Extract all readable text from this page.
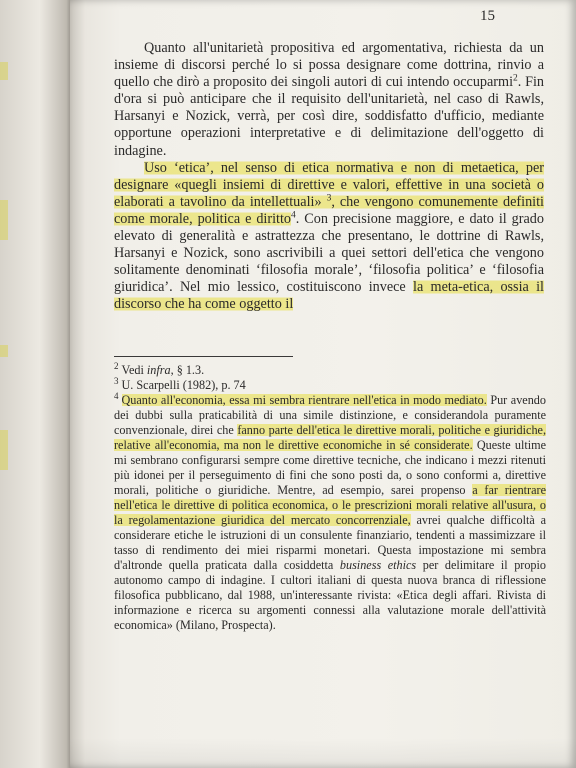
15

Quanto all'unitarietà propositiva ed argomentativa, richiesta da un insieme di discorsi perché lo si possa designare come dottrina, rinvio a quello che dirò a proposito dei singoli autori di cui intendo occuparmi$^2$. Fin d'ora si può anticipare che il requisito dell'unitarietà, nel caso di Rawls, Harsanyi e Nozick, verrà, per così dire, soddisfatto d'ufficio, mediante opportune operazioni interpretative e di delimitazione dell'oggetto di indagine.

Uso ‘etica’, nel senso di etica normativa e non di metaetica, per designare «quegli insiemi di direttive e valori, effettive in una società o elaborati a tavolino da intellettuali» $^3$, che vengono comunemente definiti come morale, politica e diritto$^4$. Con precisione maggiore, e dato il grado elevato di generalità e astrattezza che presentano, le dottrine di Rawls, Harsanyi e Nozick, sono ascrivibili a quei settori dell'etica che vengono solitamente denominati ‘filosofia morale’, ‘filosofia politica’ e ‘filosofia giuridica’. Nel mio lessico, costituiscono invece la meta-etica, ossia il discorso che ha come oggetto il

$^2$ Vedi infra, § 1.3.

$^3$ U. Scarpelli (1982), p. 74

$^4$ Quanto all'economia, essa mi sembra rientrare nell'etica in modo mediato. Pur avendo dei dubbi sulla praticabilità di una simile distinzione, e considerandola puramente convenzionale, direi che fanno parte dell'etica le direttive morali, politiche e giuridiche, relative all'economia, ma non le direttive economiche in sé considerate. Queste ultime mi sembrano configurarsi sempre come direttive tecniche, che indicano i mezzi ritenuti più idonei per il perseguimento di fini che sono posti da, o sono conformi a, direttive morali, politiche o giuridiche. Mentre, ad esempio, sarei propenso a far rientrare nell'etica le direttive di politica economica, o le prescrizioni morali relative all'usura, o la regolamentazione giuridica del mercato concorrenziale, avrei qualche difficoltà a considerare etiche le istruzioni di un consulente finanziario, tendenti a massimizzare il tasso di rendimento dei miei risparmi monetari. Questa impostazione mi sembra d'altronde quella praticata dalla cosiddetta business ethics per delimitare il propio autonomo campo di indagine. I cultori italiani di questa nuova branca di riflessione filosofica pubblicano, dal 1988, un'interessante rivista: «Etica degli affari. Rivista di informazione e ricerca su argomenti connessi alla valutazione morale dell'attività economica» (Milano, Prospecta).
